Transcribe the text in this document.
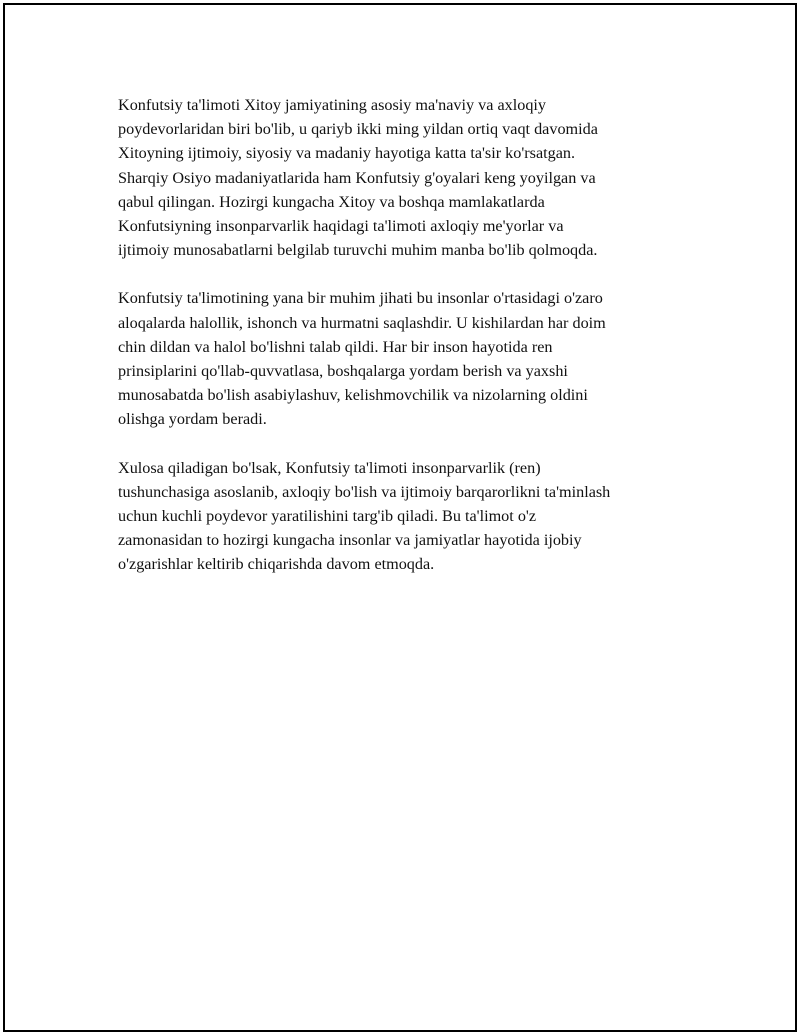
Konfutsiy ta'limoti Xitoy jamiyatining asosiy ma'naviy va axloqiy
poydevorlaridan biri bo'lib, u qariyb ikki ming yildan ortiq vaqt davomida
Xitoyning ijtimoiy, siyosiy va madaniy hayotiga katta ta'sir ko'rsatgan.
Sharqiy Osiyo madaniyatlarida ham Konfutsiy g'oyalari keng yoyilgan va
qabul qilingan. Hozirgi kungacha Xitoy va boshqa mamlakatlarda
Konfutsiyning insonparvarlik haqidagi ta'limoti axloqiy me'yorlar va
ijtimoiy munosabatlarni belgilab turuvchi muhim manba bo'lib qolmoqda.

Konfutsiy ta'limotining yana bir muhim jihati bu insonlar o'rtasidagi o'zaro
aloqalarda halollik, ishonch va hurmatni saqlashdir. U kishilardan har doim
chin dildan va halol bo'lishni talab qildi. Har bir inson hayotida ren
prinsiplarini qo'llab-quvvatlasa, boshqalarga yordam berish va yaxshi
munosabatda bo'lish asabiylashuv, kelishmovchilik va nizolarning oldini
olishga yordam beradi.

Xulosa qiladigan bo'lsak, Konfutsiy ta'limoti insonparvarlik (ren)
tushunchasiga asoslanib, axloqiy bo'lish va ijtimoiy barqarorlikni ta'minlash
uchun kuchli poydevor yaratilishini targ'ib qiladi. Bu ta'limot o'z
zamonasidan to hozirgi kungacha insonlar va jamiyatlar hayotida ijobiy
o'zgarishlar keltirib chiqarishda davom etmoqda.
